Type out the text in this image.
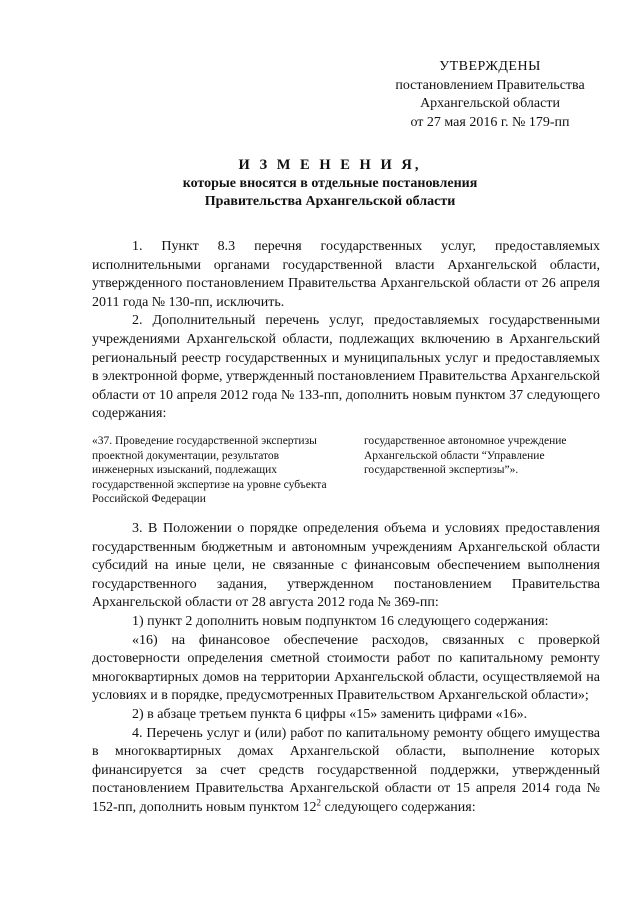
УТВЕРЖДЕНЫ
постановлением Правительства
Архангельской области
от 27 мая 2016 г. № 179-пп
И З М Е Н Е Н И Я,
которые вносятся в отдельные постановления
Правительства Архангельской области

1. Пункт 8.3 перечня государственных услуг, предоставляемых исполнительными органами государственной власти Архангельской области, утвержденного постановлением Правительства Архангельской области от 26 апреля 2011 года № 130-пп, исключить.

2. Дополнительный перечень услуг, предоставляемых государственными учреждениями Архангельской области, подлежащих включению в Архангельский региональный реестр государственных и муниципальных услуг и предоставляемых в электронной форме, утвержденный постановлением Правительства Архангельской области от 10 апреля 2012 года № 133-пп, дополнить новым пунктом 37 следующего содержания:

«37. Проведение государственной экспертизы проектной документации, результатов инженерных изысканий, подлежащих государственной экспертизе на уровне субъекта Российской Федерации
государственное автономное учреждение Архангельской области “Управление государственной экспертизы”».

3. В Положении о порядке определения объема и условиях предоставления государственным бюджетным и автономным учреждениям Архангельской области субсидий на иные цели, не связанные с финансовым обеспечением выполнения государственного задания, утвержденном постановлением Правительства Архангельской области от 28 августа 2012 года № 369-пп:

1) пункт 2 дополнить новым подпунктом 16 следующего содержания:

«16) на финансовое обеспечение расходов, связанных с проверкой достоверности определения сметной стоимости работ по капитальному ремонту многоквартирных домов на территории Архангельской области, осуществляемой на условиях и в порядке, предусмотренных Правительством Архангельской области»;

2) в абзаце третьем пункта 6 цифры «15» заменить цифрами «16».

4. Перечень услуг и (или) работ по капитальному ремонту общего имущества в многоквартирных домах Архангельской области, выполнение которых финансируется за счет средств государственной поддержки, утвержденный постановлением Правительства Архангельской области от 15 апреля 2014 года № 152-пп, дополнить новым пунктом $12^2$ следующего содержания:
